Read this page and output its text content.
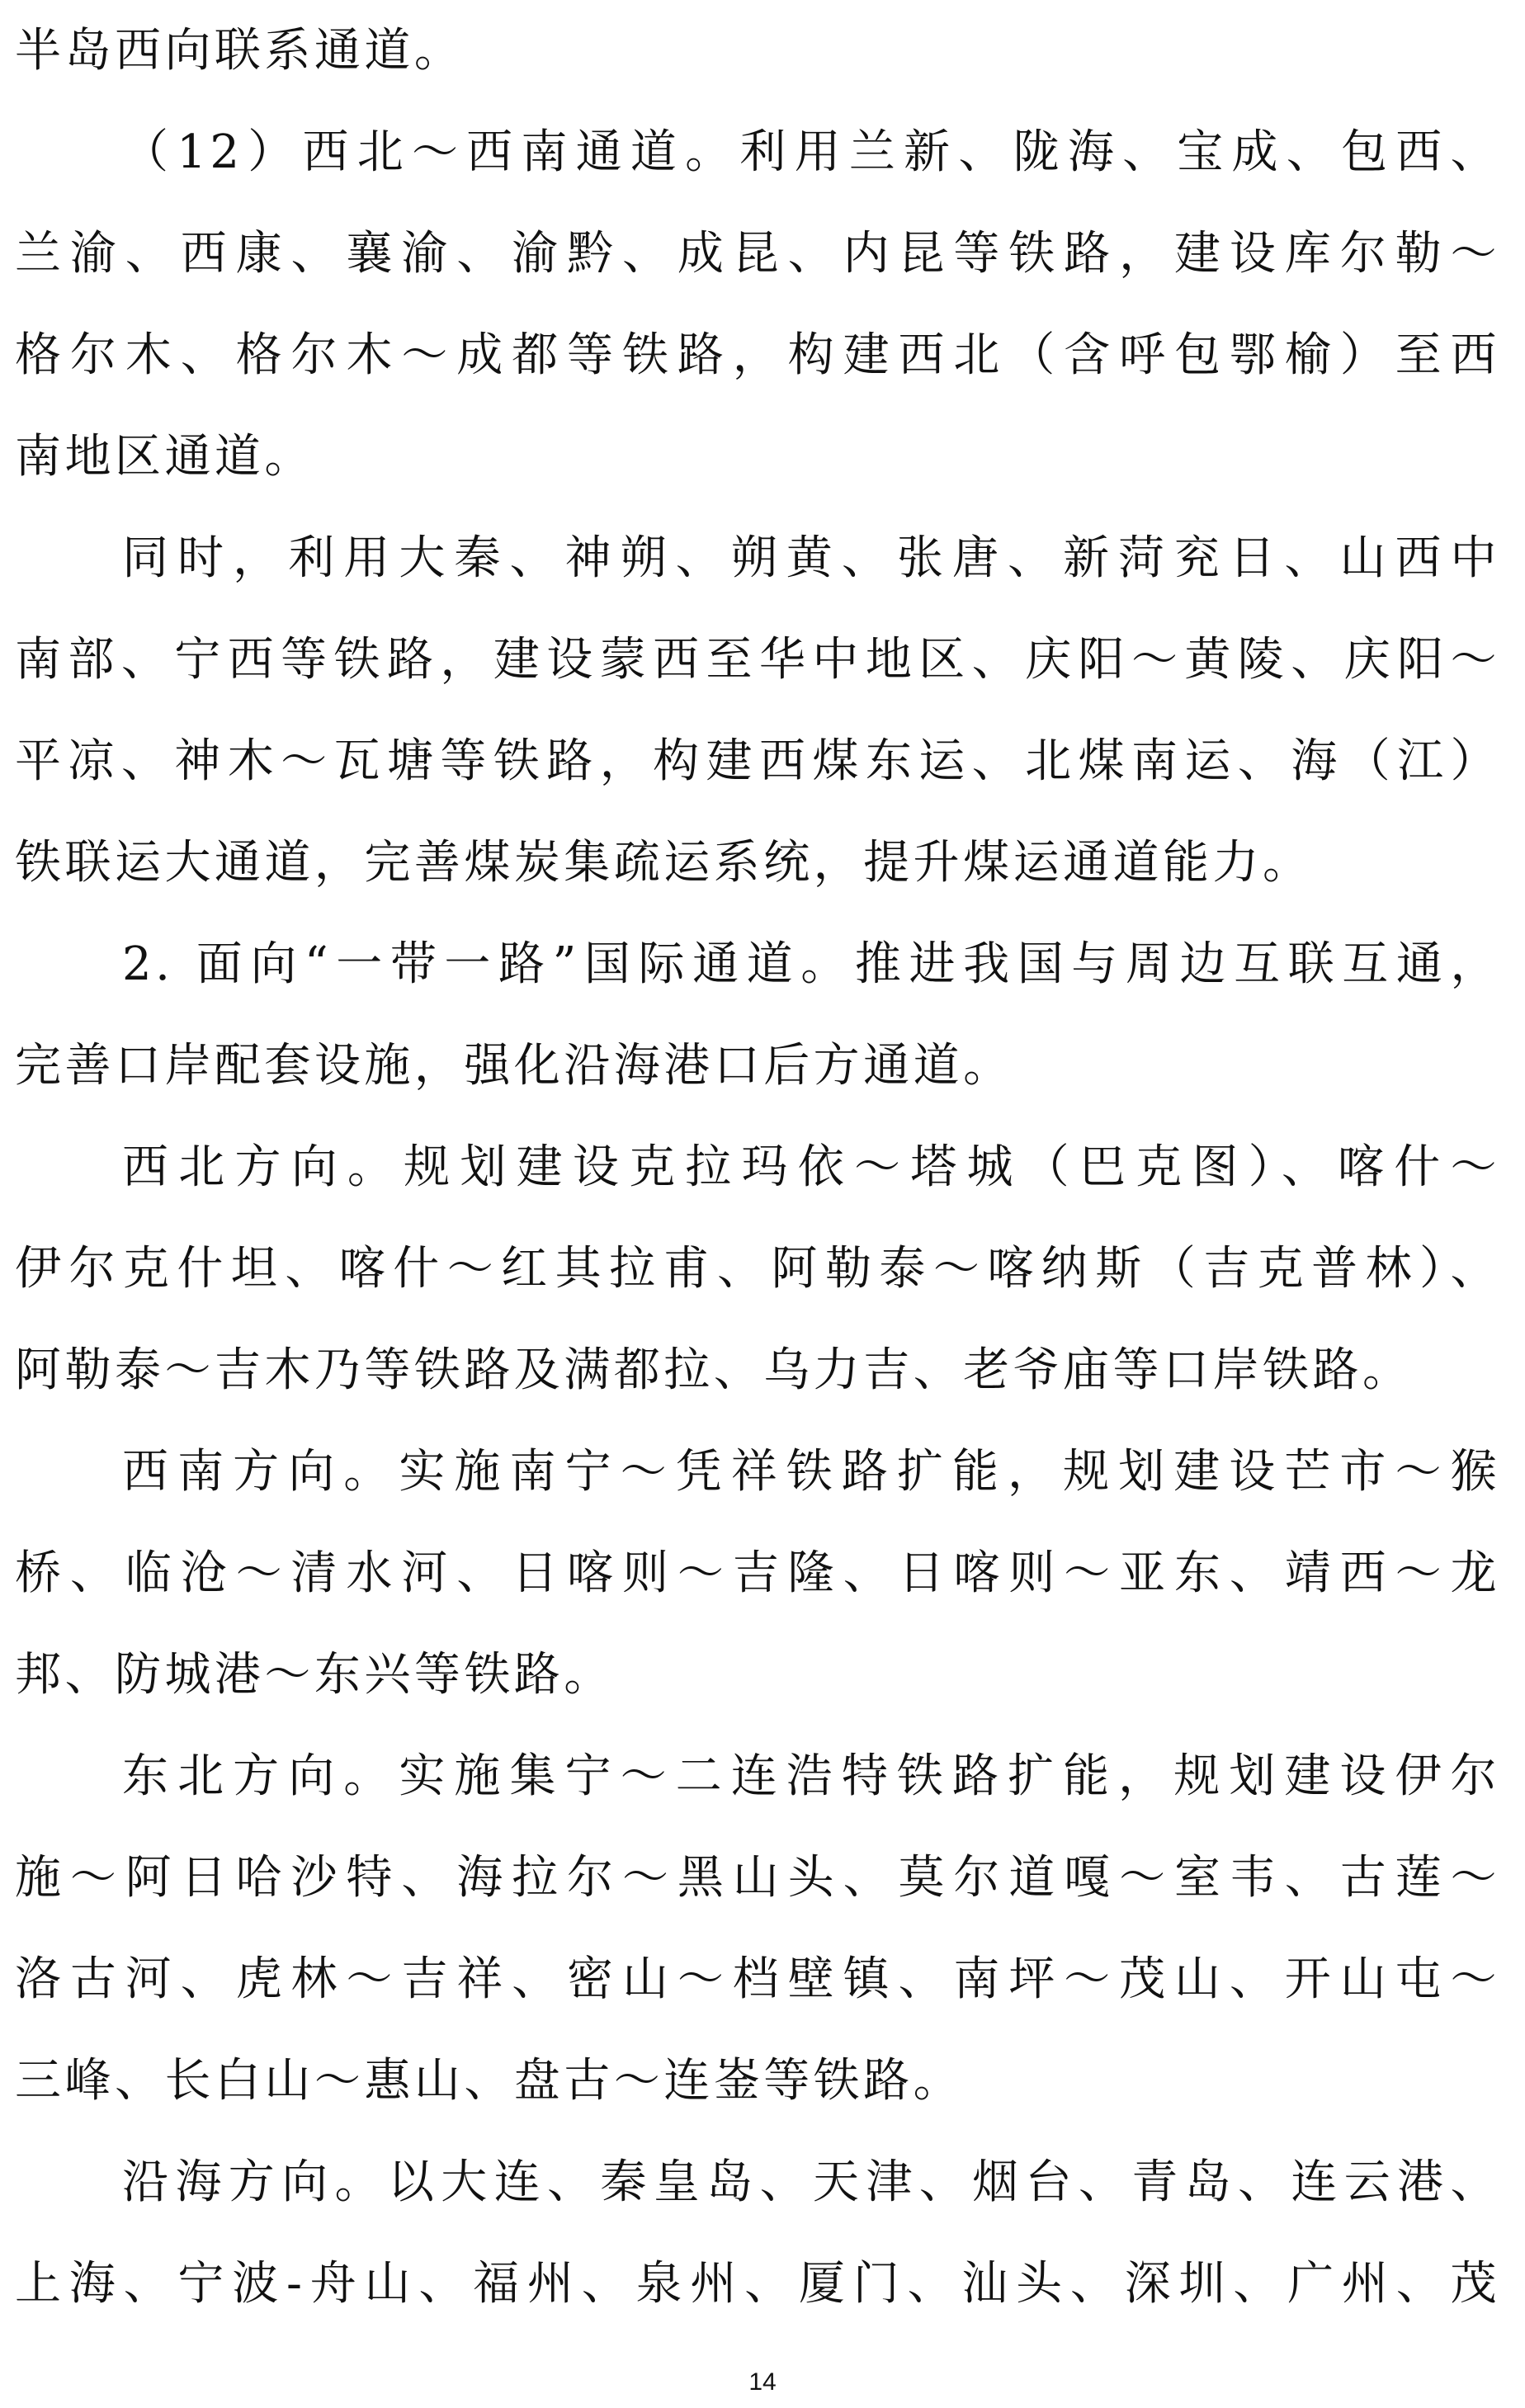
半岛西向联系通道。
（12）西北～西南通道。利用兰新、陇海、宝成、包西、
兰渝、西康、襄渝、渝黔、成昆、内昆等铁路，建设库尔勒～
格尔木、格尔木～成都等铁路，构建西北（含呼包鄂榆）至西
南地区通道。
同时，利用大秦、神朔、朔黄、张唐、新菏兖日、山西中
南部、宁西等铁路，建设蒙西至华中地区、庆阳～黄陵、庆阳～
平凉、神木～瓦塘等铁路，构建西煤东运、北煤南运、海（江）
铁联运大通道，完善煤炭集疏运系统，提升煤运通道能力。
2. 面向“一带一路”国际通道。推进我国与周边互联互通，
完善口岸配套设施，强化沿海港口后方通道。
西北方向。规划建设克拉玛依～塔城（巴克图）、喀什～
伊尔克什坦、喀什～红其拉甫、阿勒泰～喀纳斯（吉克普林）、
阿勒泰～吉木乃等铁路及满都拉、乌力吉、老爷庙等口岸铁路。
西南方向。实施南宁～凭祥铁路扩能，规划建设芒市～猴
桥、临沧～清水河、日喀则～吉隆、日喀则～亚东、靖西～龙
邦、防城港～东兴等铁路。
东北方向。实施集宁～二连浩特铁路扩能，规划建设伊尔
施～阿日哈沙特、海拉尔～黑山头、莫尔道嘎～室韦、古莲～
洛古河、虎林～吉祥、密山～档壁镇、南坪～茂山、开山屯～
三峰、长白山～惠山、盘古～连崟等铁路。
沿海方向。以大连、秦皇岛、天津、烟台、青岛、连云港、
上海、宁波-舟山、福州、泉州、厦门、汕头、深圳、广州、茂
14
